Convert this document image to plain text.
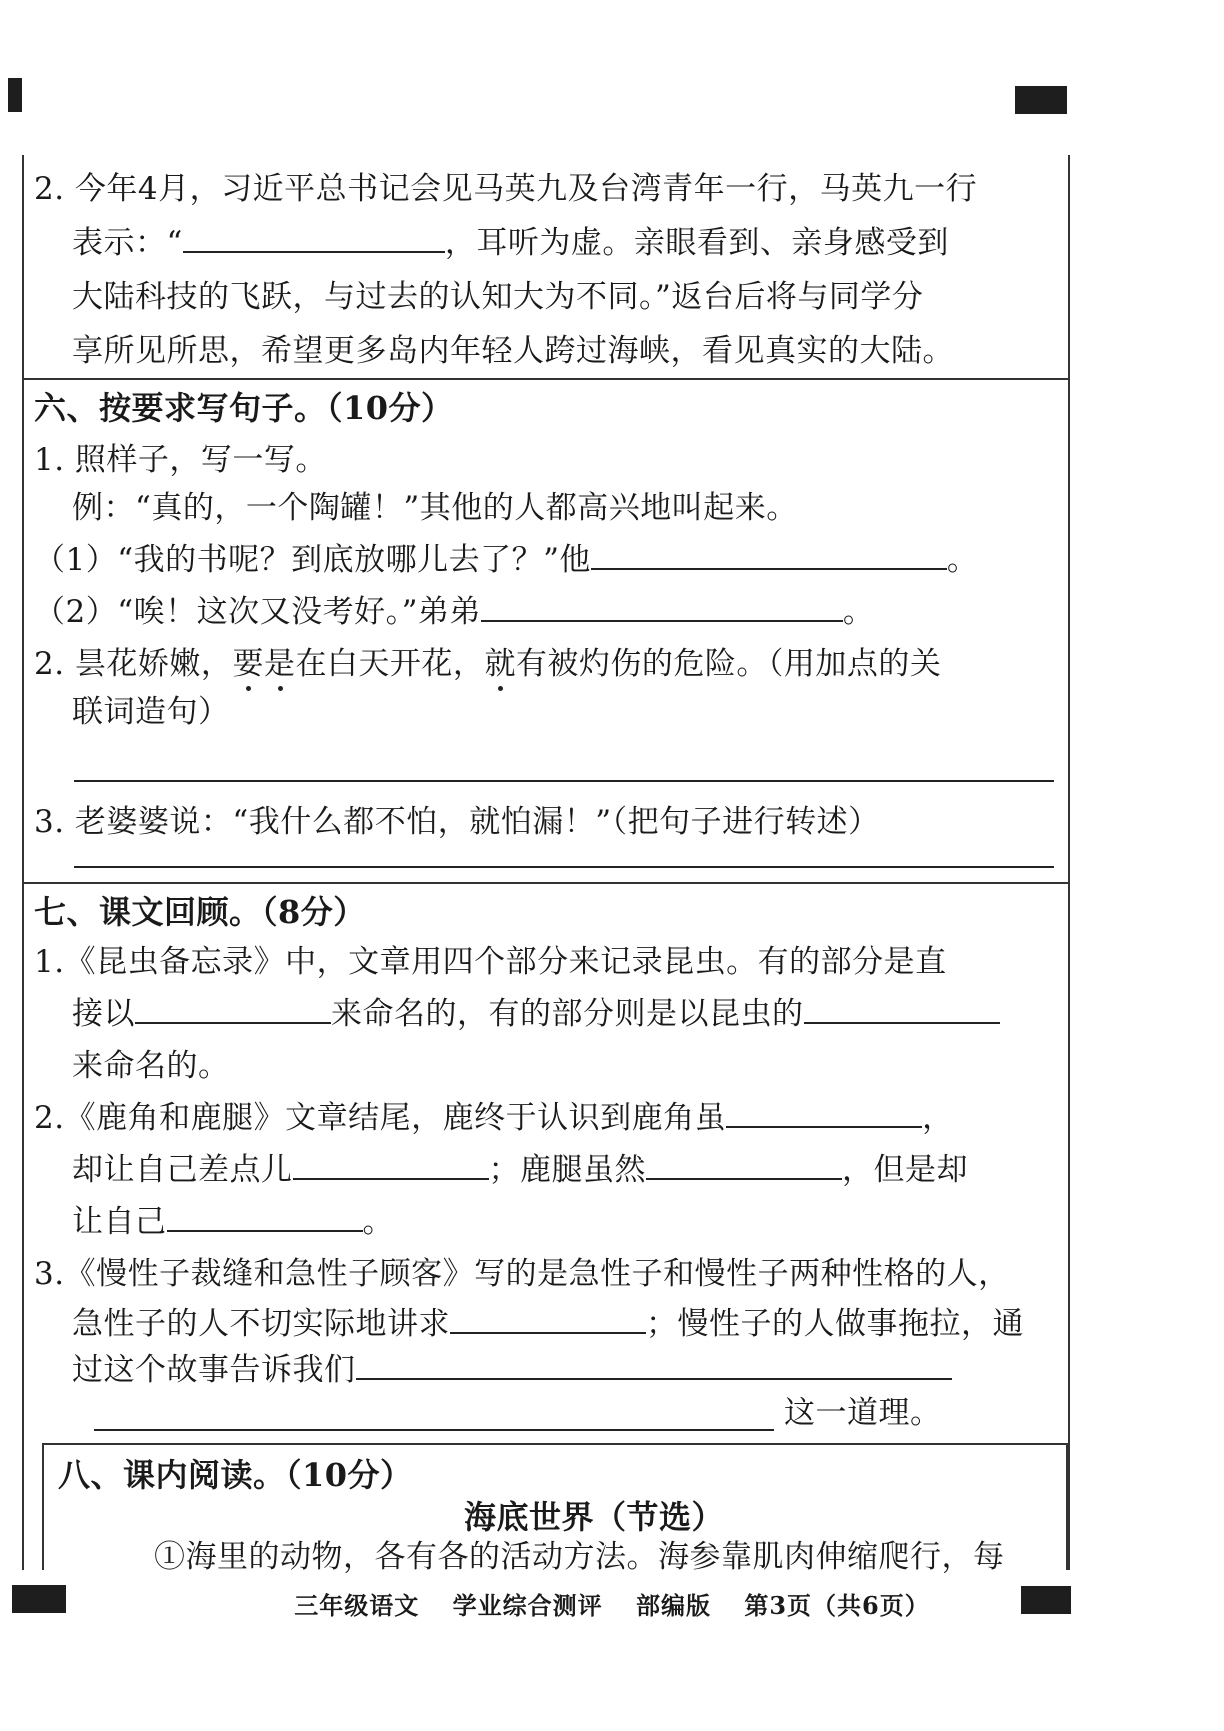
2. 今年4月，习近平总书记会见马英九及台湾青年一行，马英九一行
表示：“	，耳听为虚。亲眼看到、亲身感受到
大陆科技的飞跃，与过去的认知大为不同。”返台后将与同学分
享所见所思，希望更多岛内年轻人跨过海峡，看见真实的大陆。
六、按要求写句子。（10分）
1. 照样子，写一写。
例：“真的，一个陶罐！”其他的人都高兴地叫起来。
（1）“我的书呢？到底放哪儿去了？”他	。
（2）“唉！这次又没考好。”弟弟	。
2. 昙花娇嫩，要是在白天开花，就有被灼伤的危险。（用加点的关
联词造句）
3. 老婆婆说：“我什么都不怕，就怕漏！”（把句子进行转述）
七、课文回顾。（8分）
1.《昆虫备忘录》中，文章用四个部分来记录昆虫。有的部分是直
接以	来命名的，有的部分则是以昆虫的
来命名的。
2.《鹿角和鹿腿》文章结尾，鹿终于认识到鹿角虽	，
却让自己差点儿	；鹿腿虽然	，但是却
让自己	。
3.《慢性子裁缝和急性子顾客》写的是急性子和慢性子两种性格的人，
急性子的人不切实际地讲求	；慢性子的人做事拖拉，通
过这个故事告诉我们
这一道理。
八、课内阅读。（10分）
海底世界（节选）
①海里的动物，各有各的活动方法。海参靠肌肉伸缩爬行，每
三年级语文 学业综合测评 部编版 第3页（共6页）
